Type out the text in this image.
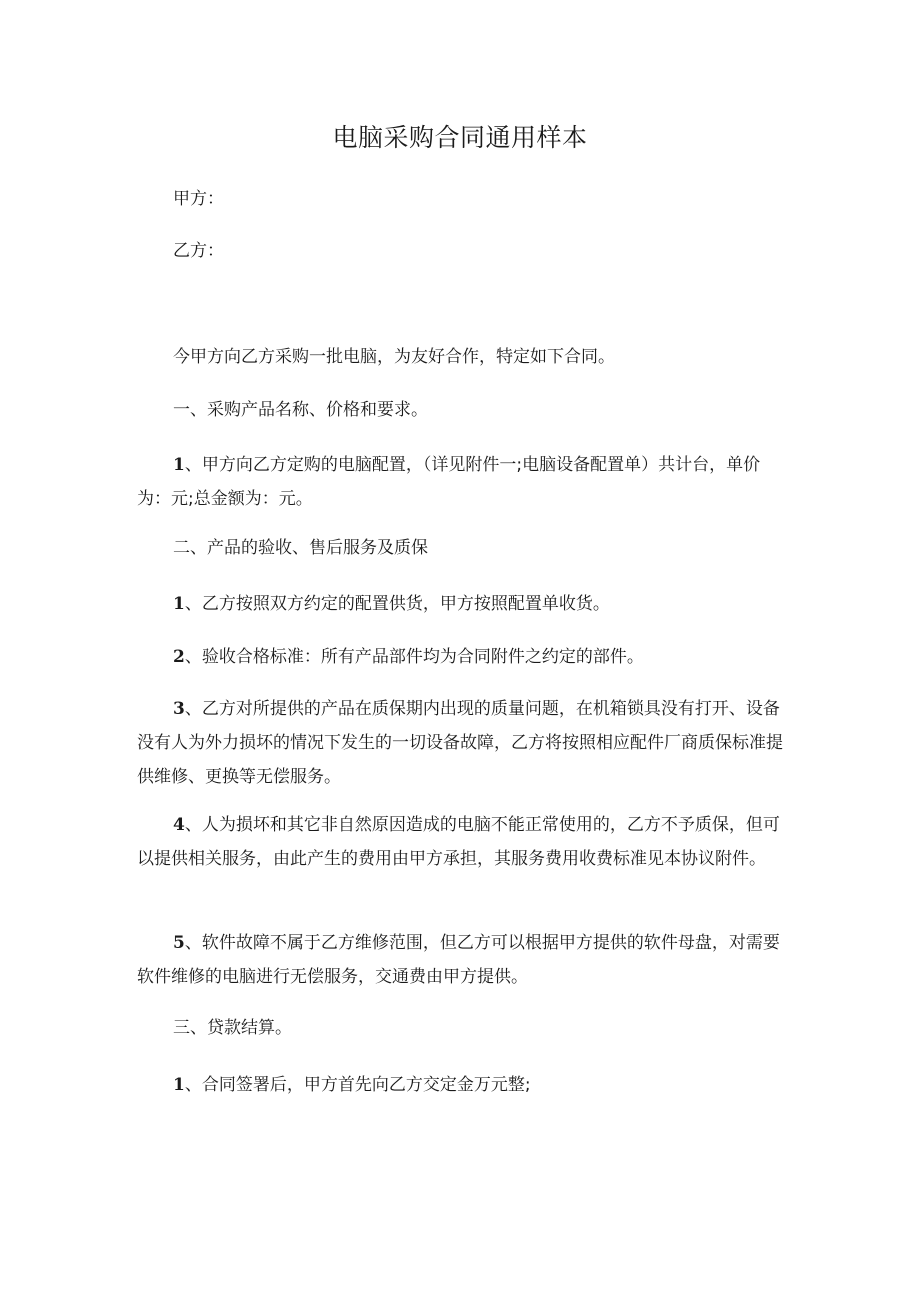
电脑采购合同通用样本
甲方：
乙方：

今甲方向乙方采购一批电脑，为友好合作，特定如下合同。

一、采购产品名称、价格和要求。

1、甲方向乙方定购的电脑配置，（详见附件一;电脑设备配置单）共计台，单价为：元;总金额为：元。

二、产品的验收、售后服务及质保

1、乙方按照双方约定的配置供货，甲方按照配置单收货。

2、验收合格标准：所有产品部件均为合同附件之约定的部件。

3、乙方对所提供的产品在质保期内出现的质量问题，在机箱锁具没有打开、设备没有人为外力损坏的情况下发生的一切设备故障，乙方将按照相应配件厂商质保标准提供维修、更换等无偿服务。

4、人为损坏和其它非自然原因造成的电脑不能正常使用的，乙方不予质保，但可以提供相关服务，由此产生的费用由甲方承担，其服务费用收费标准见本协议附件。

5、软件故障不属于乙方维修范围，但乙方可以根据甲方提供的软件母盘，对需要软件维修的电脑进行无偿服务，交通费由甲方提供。

三、贷款结算。

1、合同签署后，甲方首先向乙方交定金万元整;
